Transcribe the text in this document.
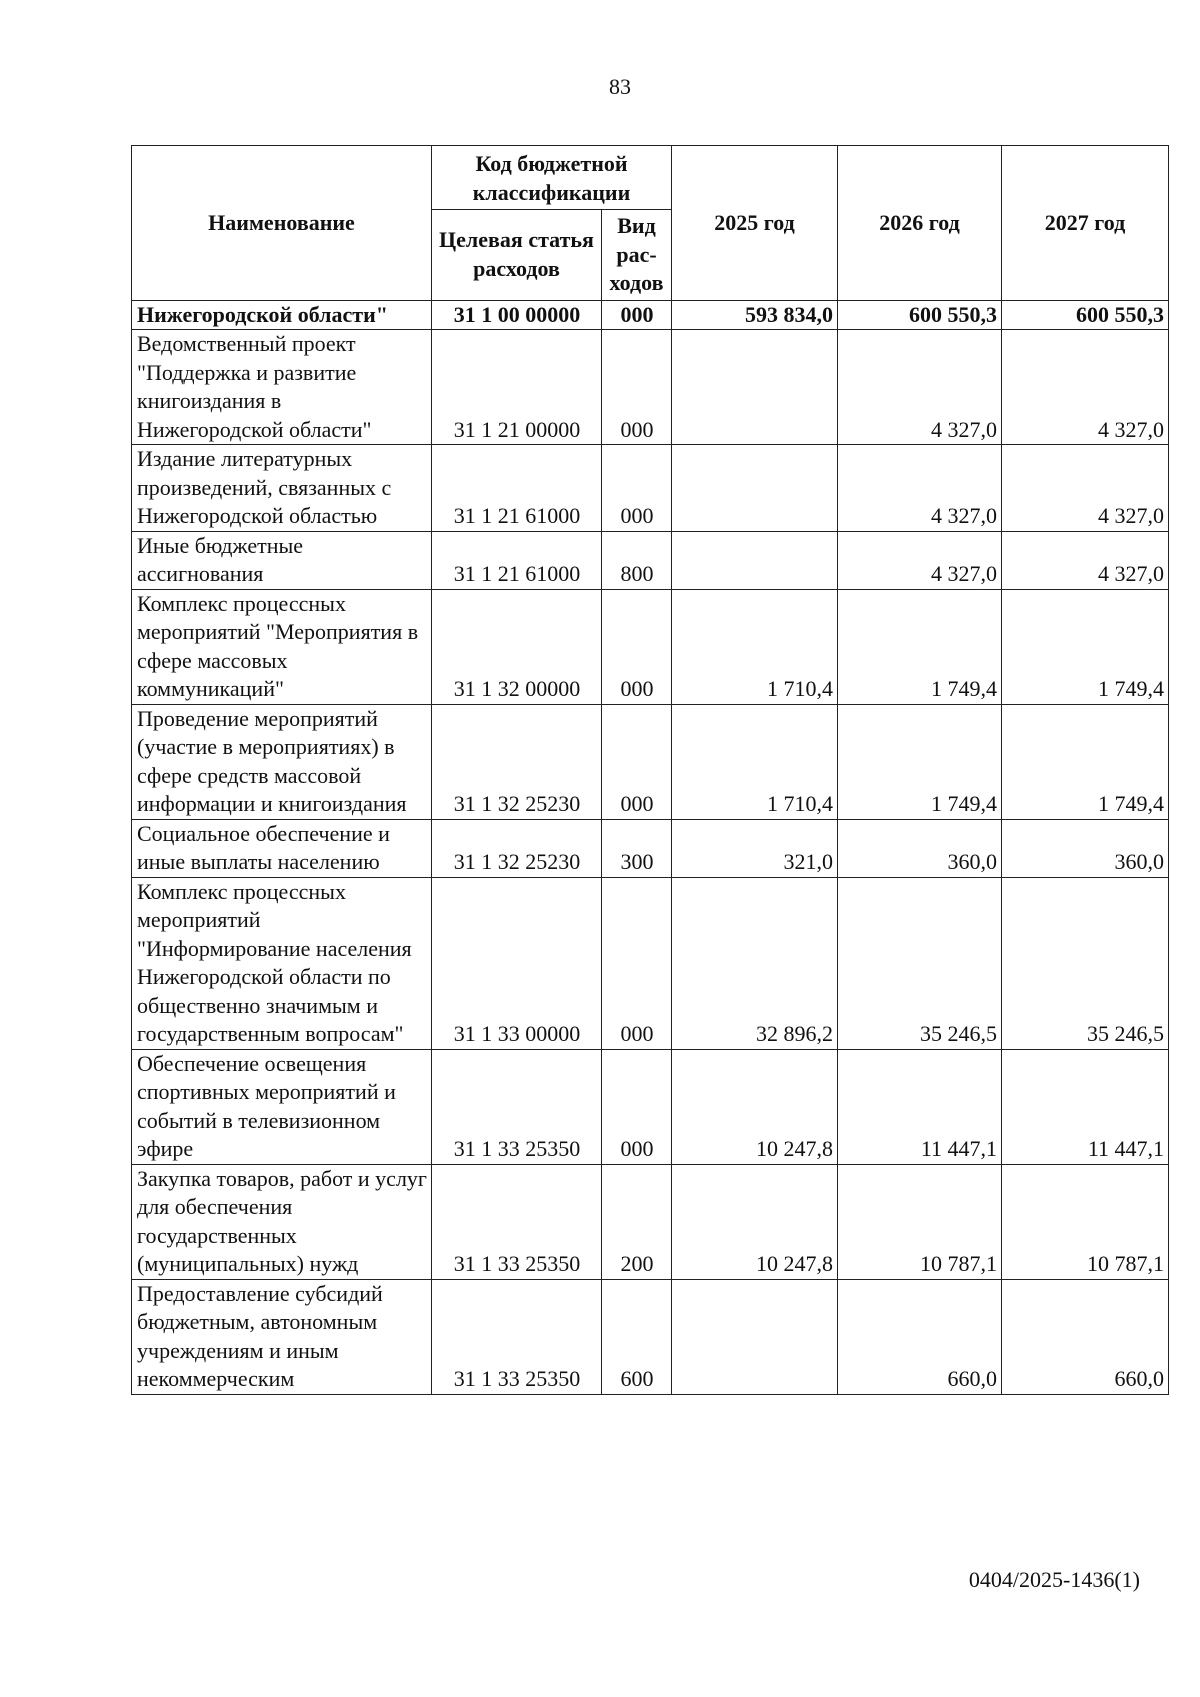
83
Наименование	Код бюджетной классификации		2025 год	2026 год	2027 год
	Целевая статья расходов	Вид рас- ходов			
Нижегородской области"	31 1 00 00000	000	593 834,0	600 550,3	600 550,3
Ведомственный проект "Поддержка и развитие книгоиздания в Нижегородской области"	31 1 21 00000	000		4 327,0	4 327,0
Издание литературных произведений, связанных с Нижегородской областью	31 1 21 61000	000		4 327,0	4 327,0
Иные бюджетные ассигнования	31 1 21 61000	800		4 327,0	4 327,0
Комплекс процессных мероприятий "Мероприятия в сфере массовых коммуникаций"	31 1 32 00000	000	1 710,4	1 749,4	1 749,4
Проведение мероприятий (участие в мероприятиях) в сфере средств массовой информации и книгоиздания	31 1 32 25230	000	1 710,4	1 749,4	1 749,4
Социальное обеспечение и иные выплаты населению	31 1 32 25230	300	321,0	360,0	360,0
Комплекс процессных мероприятий "Информирование населения Нижегородской области по общественно значимым и государственным вопросам"	31 1 33 00000	000	32 896,2	35 246,5	35 246,5
Обеспечение освещения спортивных мероприятий и событий в телевизионном эфире	31 1 33 25350	000	10 247,8	11 447,1	11 447,1
Закупка товаров, работ и услуг для обеспечения государственных (муниципальных) нужд	31 1 33 25350	200	10 247,8	10 787,1	10 787,1
Предоставление субсидий бюджетным, автономным учреждениям и иным некоммерческим	31 1 33 25350	600		660,0	660,0
0404/2025-1436(1)
